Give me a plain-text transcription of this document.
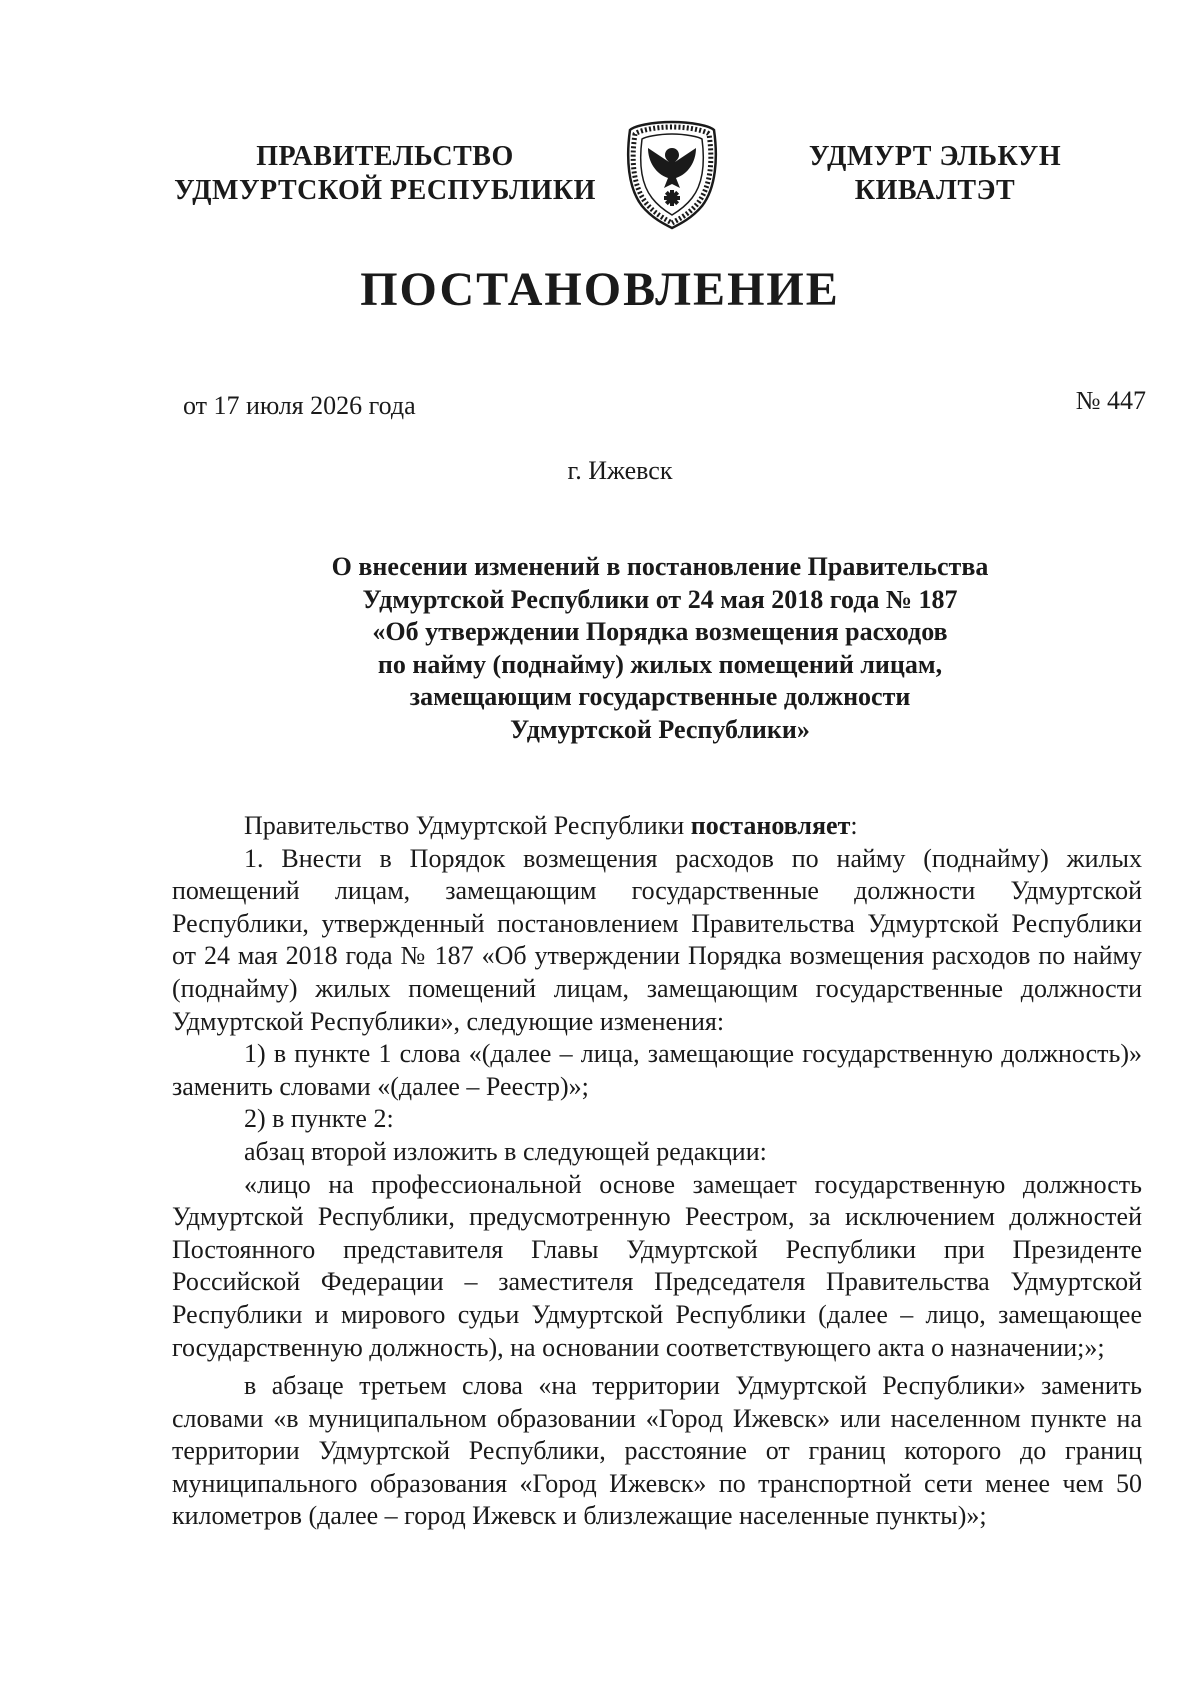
ПРАВИТЕЛЬСТВО
УДМУРТСКОЙ РЕСПУБЛИКИ
УДМУРТ ЭЛЬКУН
КИВАЛТЭТ
ПОСТАНОВЛЕНИЕ
от 17 июля 2026 года	№ 447
г. Ижевск
О внесении изменений в постановление Правительства
Удмуртской Республики от 24 мая 2018 года № 187
«Об утверждении Порядка возмещения расходов
по найму (поднайму) жилых помещений лицам,
замещающим государственные должности
Удмуртской Республики»

Правительство Удмуртской Республики постановляет:

1. Внести в Порядок возмещения расходов по найму (поднайму) жилых помещений лицам, замещающим государственные должности Удмуртской Республики, утвержденный постановлением Правительства Удмуртской Республики от 24 мая 2018 года № 187 «Об утверждении Порядка возмещения расходов по найму (поднайму) жилых помещений лицам, замещающим государственные должности Удмуртской Республики», следующие изменения:

1) в пункте 1 слова «(далее – лица, замещающие государственную должность)» заменить словами «(далее – Реестр)»;

2) в пункте 2:

абзац второй изложить в следующей редакции:

«лицо на профессиональной основе замещает государственную должность Удмуртской Республики, предусмотренную Реестром, за исключением должностей Постоянного представителя Главы Удмуртской Республики при Президенте Российской Федерации – заместителя Председателя Правительства Удмуртской Республики и мирового судьи Удмуртской Республики (далее – лицо, замещающее государственную должность), на основании соответствующего акта о назначении;»;

в абзаце третьем слова «на территории Удмуртской Республики» заменить словами «в муниципальном образовании «Город Ижевск» или населенном пункте на территории Удмуртской Республики, расстояние от границ которого до границ муниципального образования «Город Ижевск» по транспортной сети менее чем 50 километров (далее – город Ижевск и близлежащие населенные пункты)»;
